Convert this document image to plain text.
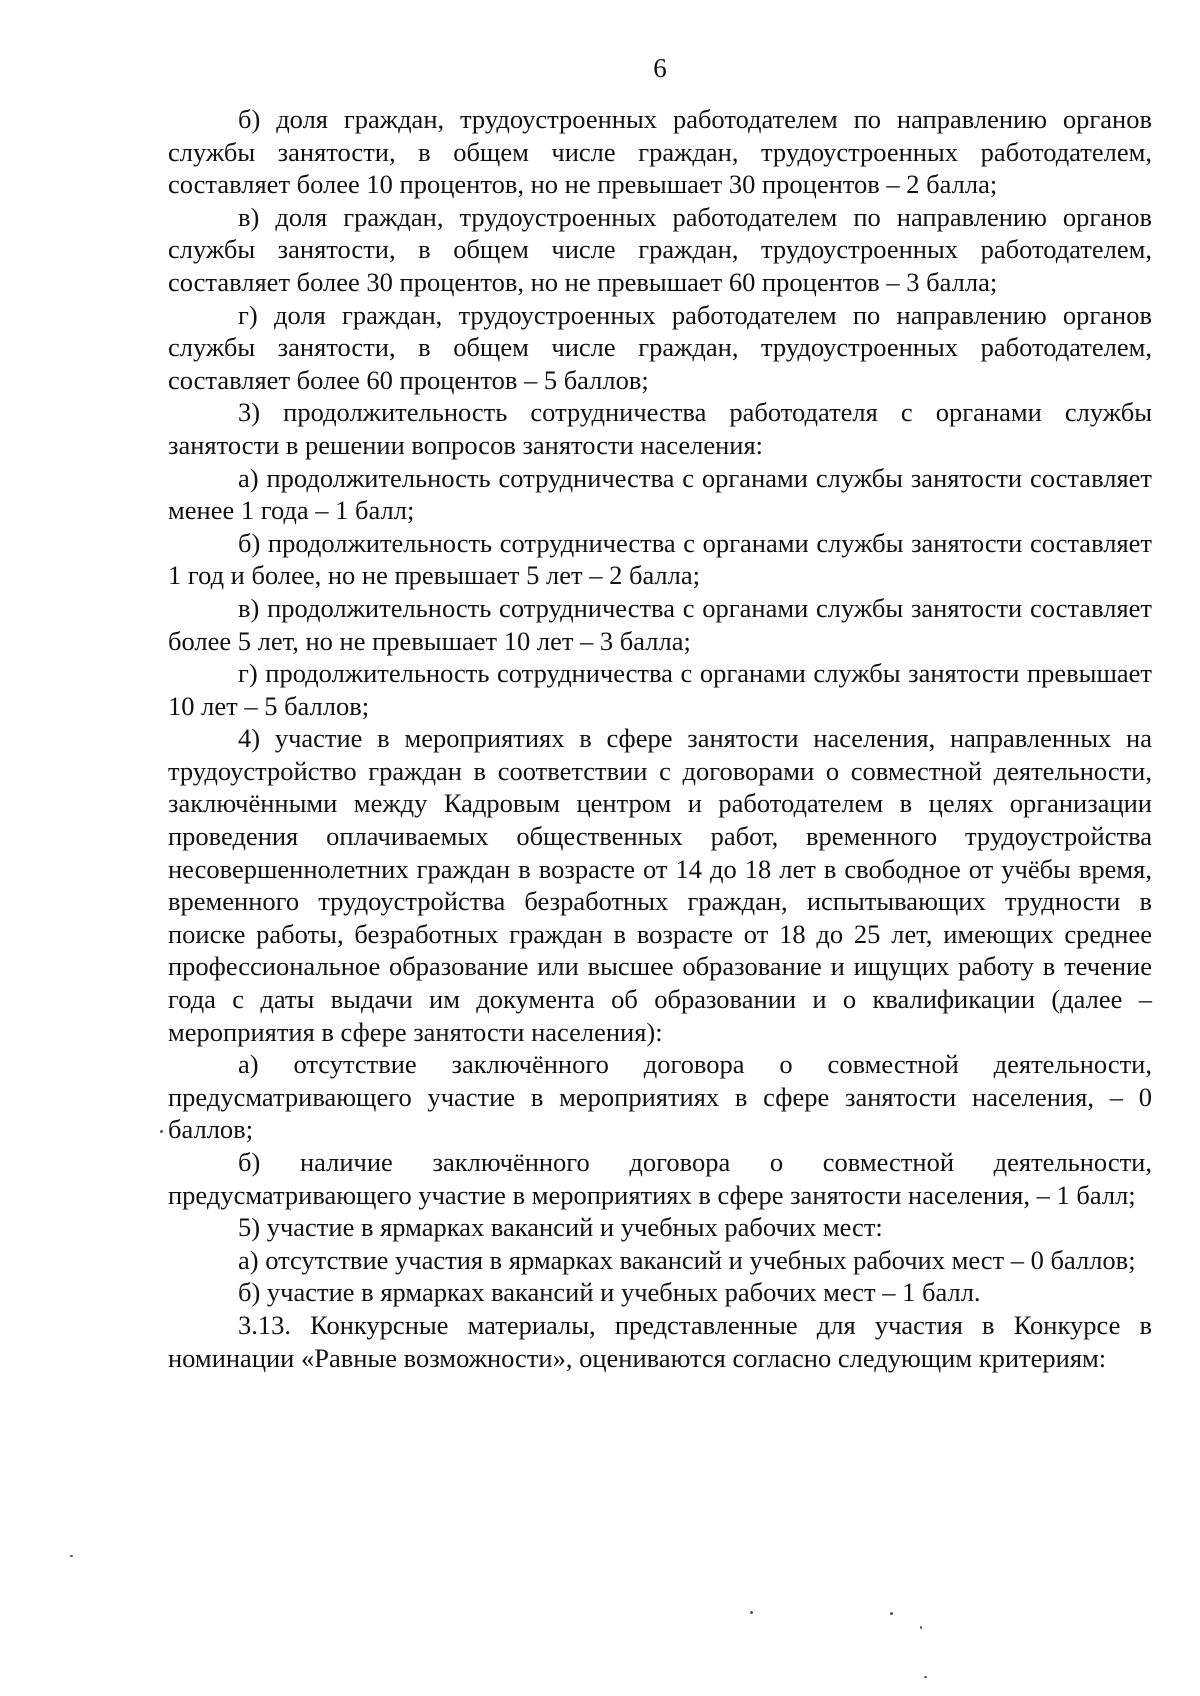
6

б) доля граждан, трудоустроенных работодателем по направлению органов службы занятости, в общем числе граждан, трудоустроенных работодателем, составляет более 10 процентов, но не превышает 30 процентов – 2 балла;

в) доля граждан, трудоустроенных работодателем по направлению органов службы занятости, в общем числе граждан, трудоустроенных работодателем, составляет более 30 процентов, но не превышает 60 процентов – 3 балла;

г) доля граждан, трудоустроенных работодателем по направлению органов службы занятости, в общем числе граждан, трудоустроенных работодателем, составляет более 60 процентов – 5 баллов;

3) продолжительность сотрудничества работодателя с органами службы занятости в решении вопросов занятости населения:

а) продолжительность сотрудничества с органами службы занятости составляет менее 1 года – 1 балл;

б) продолжительность сотрудничества с органами службы занятости составляет 1 год и более, но не превышает 5 лет – 2 балла;

в) продолжительность сотрудничества с органами службы занятости составляет более 5 лет, но не превышает 10 лет – 3 балла;

г) продолжительность сотрудничества с органами службы занятости превышает 10 лет – 5 баллов;

4) участие в мероприятиях в сфере занятости населения, направленных на трудоустройство граждан в соответствии с договорами о совместной деятельности, заключёнными между Кадровым центром и работодателем в целях организации проведения оплачиваемых общественных работ, временного трудоустройства несовершеннолетних граждан в возрасте от 14 до 18 лет в свободное от учёбы время, временного трудоустройства безработных граждан, испытывающих трудности в поиске работы, безработных граждан в возрасте от 18 до 25 лет, имеющих среднее профессиональное образование или высшее образование и ищущих работу в течение года с даты выдачи им документа об образовании и о квалификации (далее – мероприятия в сфере занятости населения):

а) отсутствие заключённого договора о совместной деятельности, предусматривающего участие в мероприятиях в сфере занятости населения, – 0 баллов;

б) наличие заключённого договора о совместной деятельности, предусматривающего участие в мероприятиях в сфере занятости населения, – 1 балл;

5) участие в ярмарках вакансий и учебных рабочих мест:

а) отсутствие участия в ярмарках вакансий и учебных рабочих мест – 0 баллов;

б) участие в ярмарках вакансий и учебных рабочих мест – 1 балл.

3.13. Конкурсные материалы, представленные для участия в Конкурсе в номинации «Равные возможности», оцениваются согласно следующим критериям:
